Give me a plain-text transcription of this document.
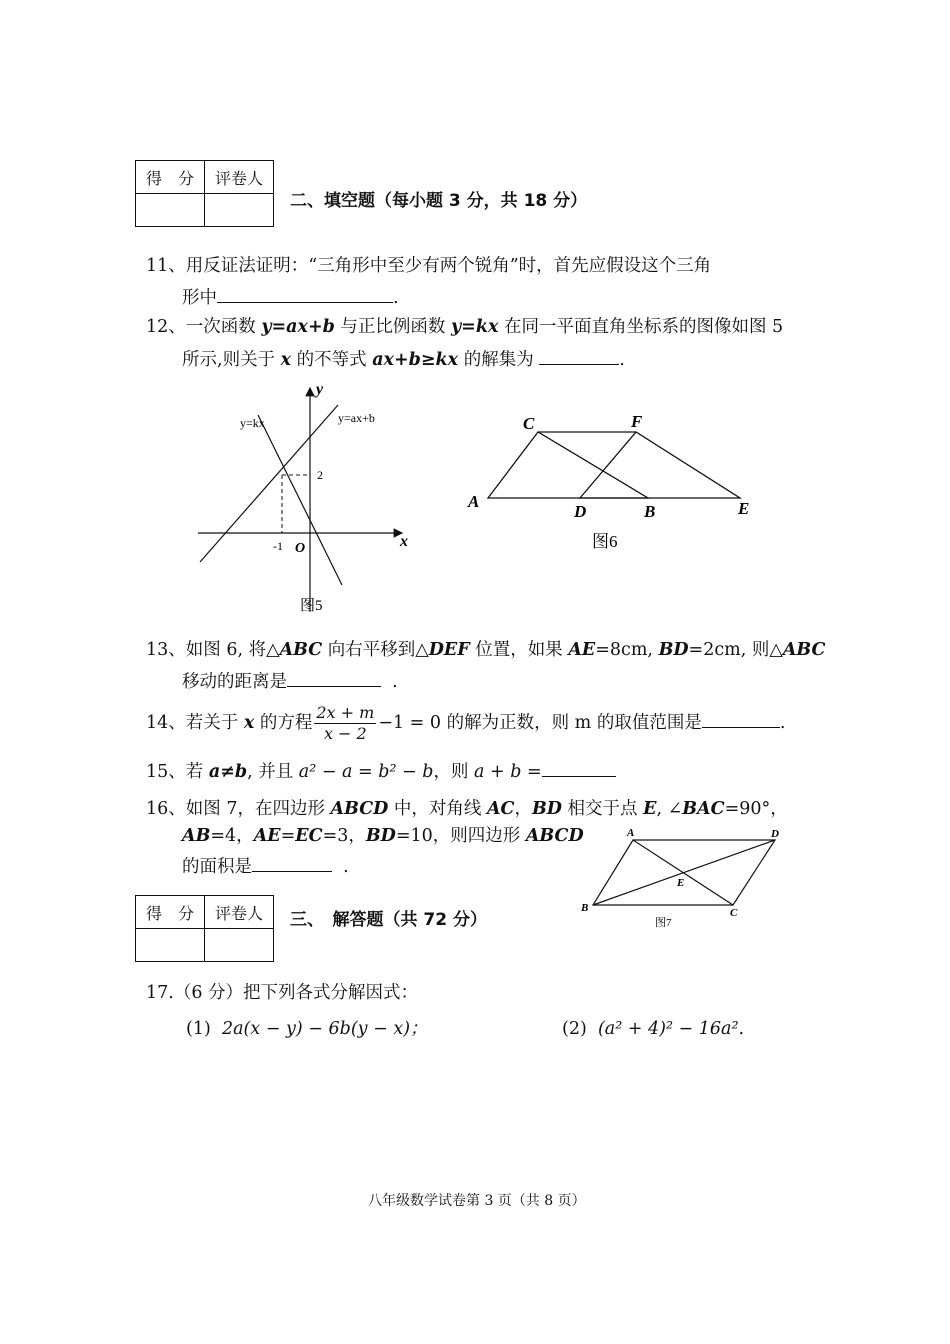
得　分	评卷人

二、填空题（每小题 3 分，共 18 分）
11、用反证法证明：“三角形中至少有两个锐角”时，首先应假设这个三角
形中	.
12、一次函数 y=ax+b 与正比例函数 y=kx 在同一平面直角坐标系的图像如图 5
所示,则关于 x 的不等式 ax+b≥kx 的解集为	.
y=kx	y=ax+b
y
x
2
-1 O
图5
A
C	F
D	B	E
图6
13、如图 6, 将△ABC 向右平移到△DEF 位置，如果 AE=8cm, BD=2cm, 则△ABC
移动的距离是	.
14、若关于 x 的方程 $\frac{2x + m}{x - 2} -1 = 0$ 的解为正数，则 m 的取值范围是	.
15、若 a≠b, 并且 a² − a = b² − b，则 a + b =
16、如图 7，在四边形 ABCD 中，对角线 AC，BD 相交于点 E, ∠BAC=90°，
AB=4，AE=EC=3，BD=10，则四边形 ABCD
的面积是	.
A	D
B	C
E
图7
得　分	评卷人
	三、　解答题（共 72 分）
17.（6 分）把下列各式分解因式：
(1) 2a(x − y) − 6b(y − x)；	(2) (a² + 4)² − 16a².
八年级数学试卷第 3 页（共 8 页）
